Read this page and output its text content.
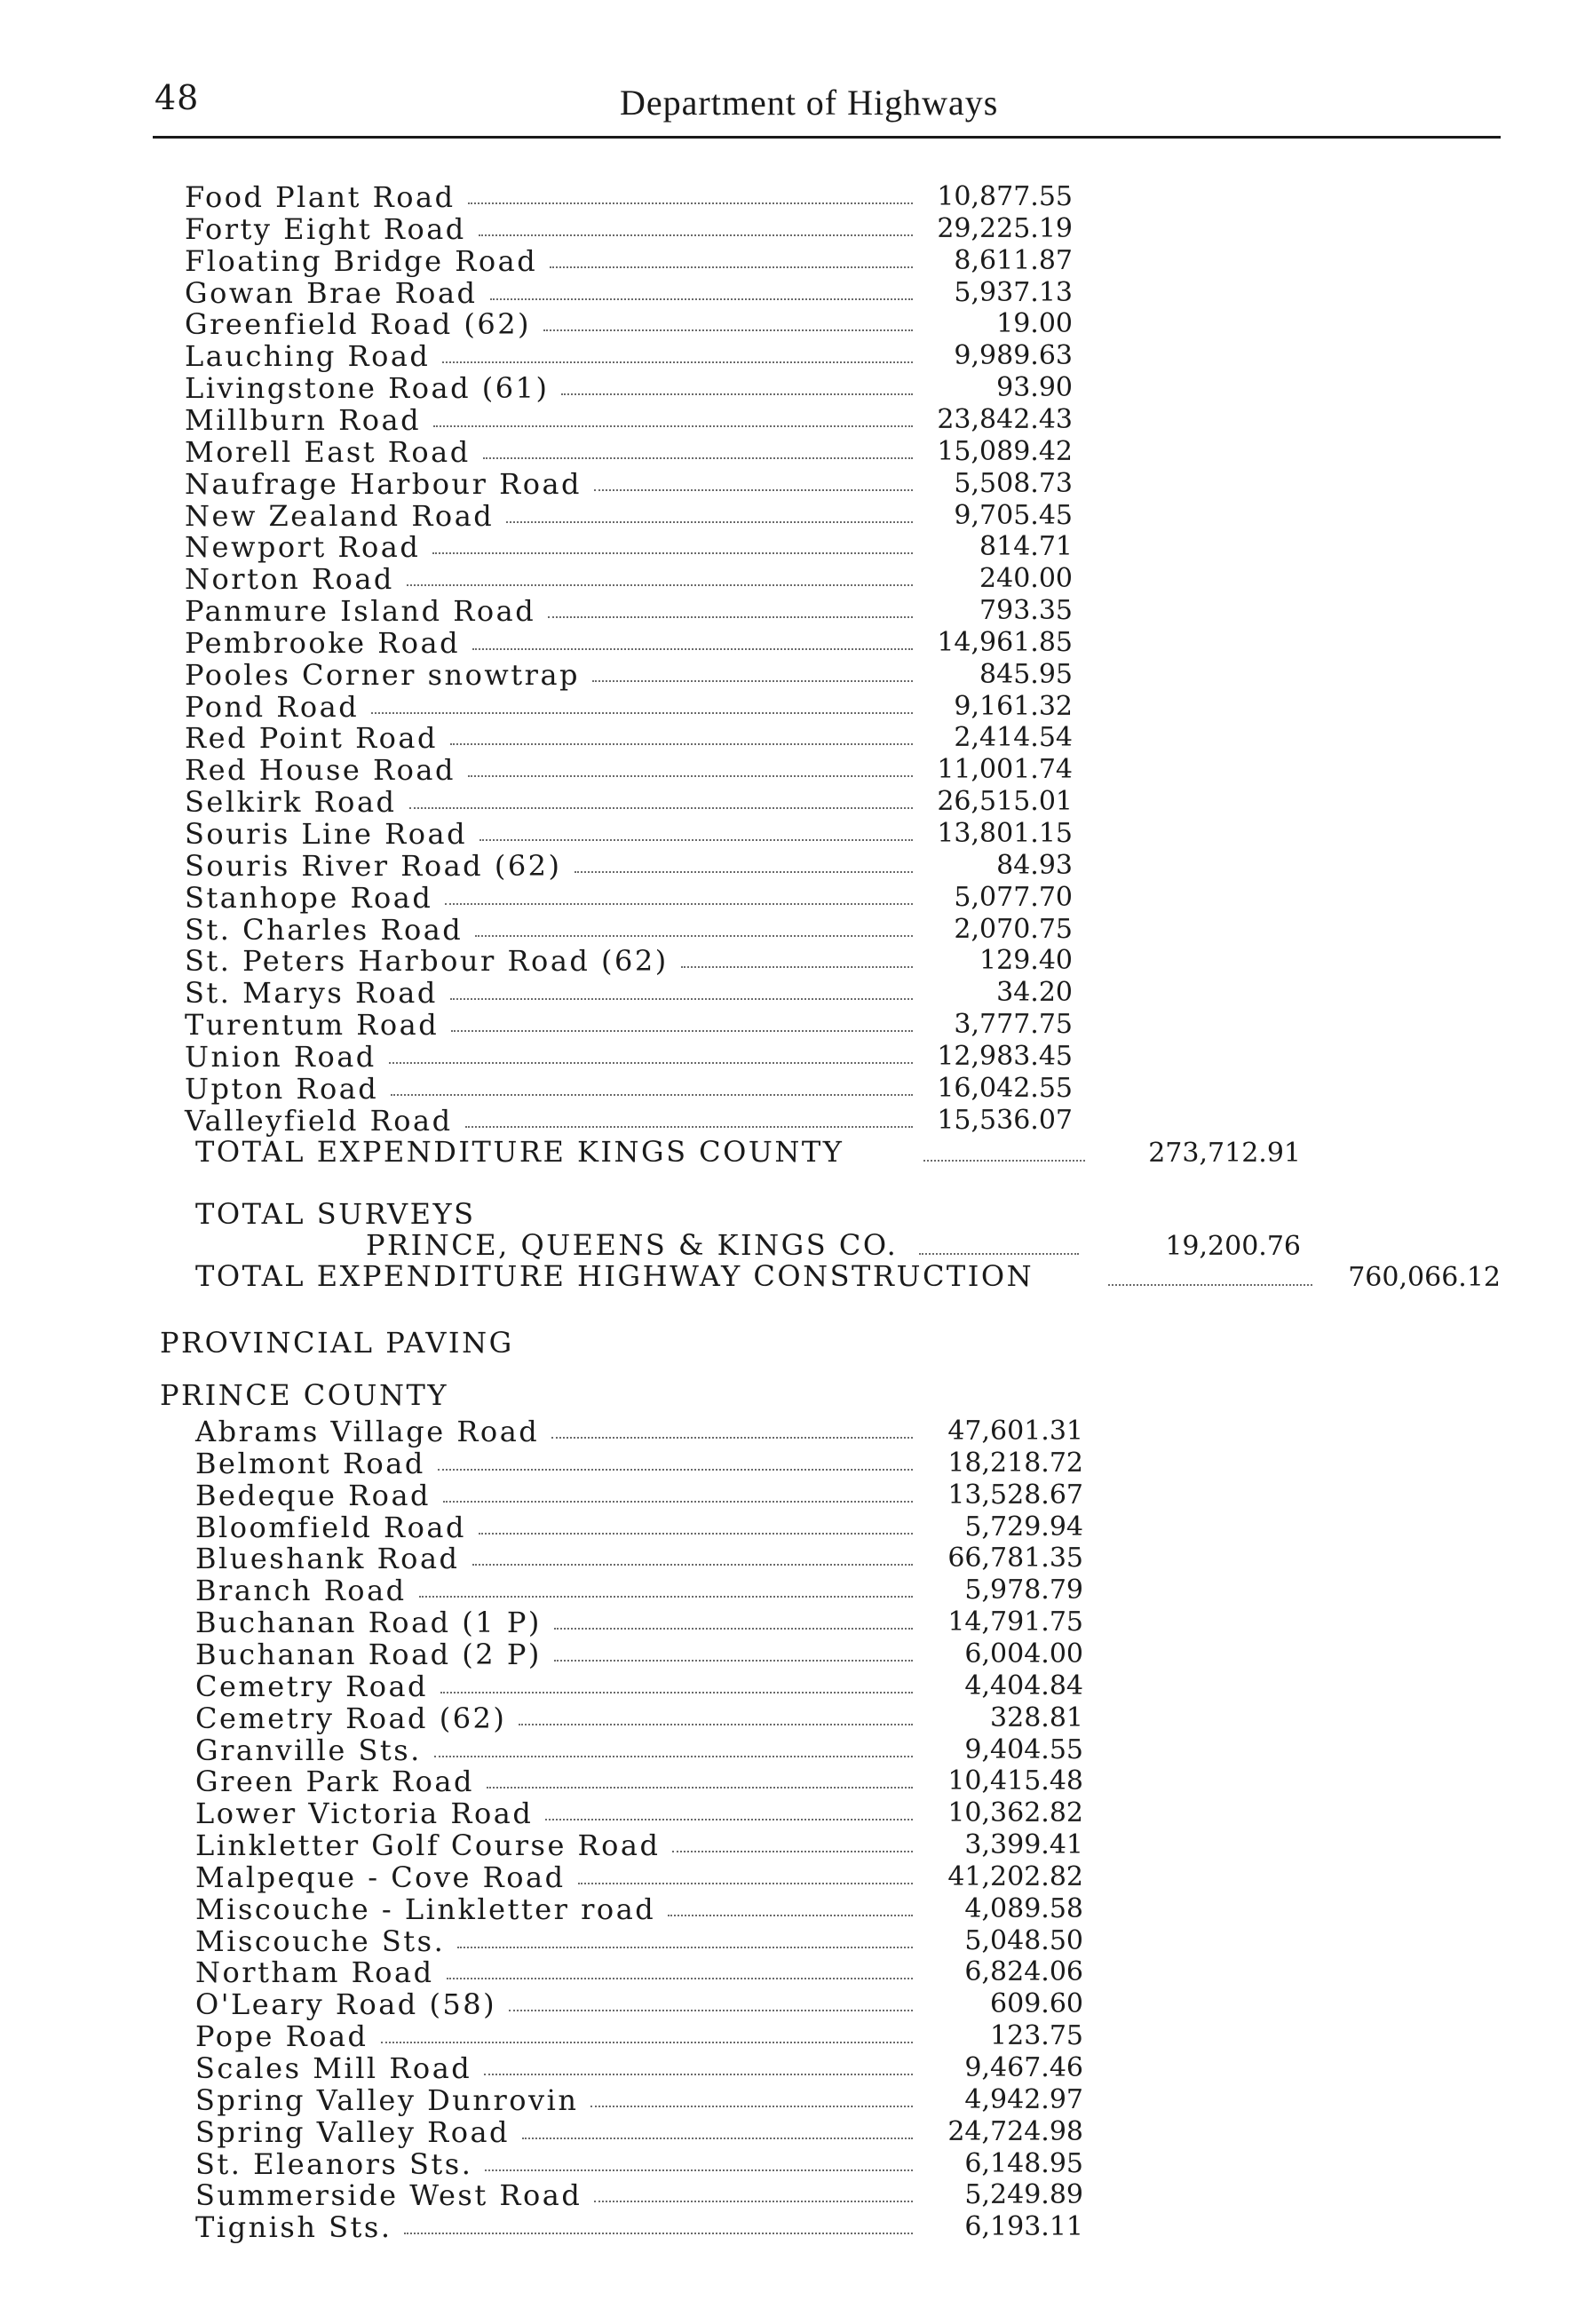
48	Department of Highways
Food Plant Road	10,877.55
Forty Eight Road	29,225.19
Floating Bridge Road	8,611.87
Gowan Brae Road	5,937.13
Greenfield Road (62)	19.00
Lauching Road	9,989.63
Livingstone Road (61)	93.90
Millburn Road	23,842.43
Morell East Road	15,089.42
Naufrage Harbour Road	5,508.73
New Zealand Road	9,705.45
Newport Road	814.71
Norton Road	240.00
Panmure Island Road	793.35
Pembrooke Road	14,961.85
Pooles Corner snowtrap	845.95
Pond Road	9,161.32
Red Point Road	2,414.54
Red House Road	11,001.74
Selkirk Road	26,515.01
Souris Line Road	13,801.15
Souris River Road (62)	84.93
Stanhope Road	5,077.70
St. Charles Road	2,070.75
St. Peters Harbour Road (62)	129.40
St. Marys Road	34.20
Turentum Road	3,777.75
Union Road	12,983.45
Upton Road	16,042.55
Valleyfield Road	15,536.07
TOTAL EXPENDITURE KINGS COUNTY	273,712.91
TOTAL SURVEYS
PRINCE, QUEENS & KINGS CO.	19,200.76
TOTAL EXPENDITURE HIGHWAY CONSTRUCTION	760,066.12
PROVINCIAL PAVING
PRINCE COUNTY
Abrams Village Road	47,601.31
Belmont Road	18,218.72
Bedeque Road	13,528.67
Bloomfield Road	5,729.94
Blueshank Road	66,781.35
Branch Road	5,978.79
Buchanan Road (1 P)	14,791.75
Buchanan Road (2 P)	6,004.00
Cemetry Road	4,404.84
Cemetry Road (62)	328.81
Granville Sts.	9,404.55
Green Park Road	10,415.48
Lower Victoria Road	10,362.82
Linkletter Golf Course Road	3,399.41
Malpeque - Cove Road	41,202.82
Miscouche - Linkletter road	4,089.58
Miscouche Sts.	5,048.50
Northam Road	6,824.06
O'Leary Road (58)	609.60
Pope Road	123.75
Scales Mill Road	9,467.46
Spring Valley Dunrovin	4,942.97
Spring Valley Road	24,724.98
St. Eleanors Sts.	6,148.95
Summerside West Road	5,249.89
Tignish Sts.	6,193.11
